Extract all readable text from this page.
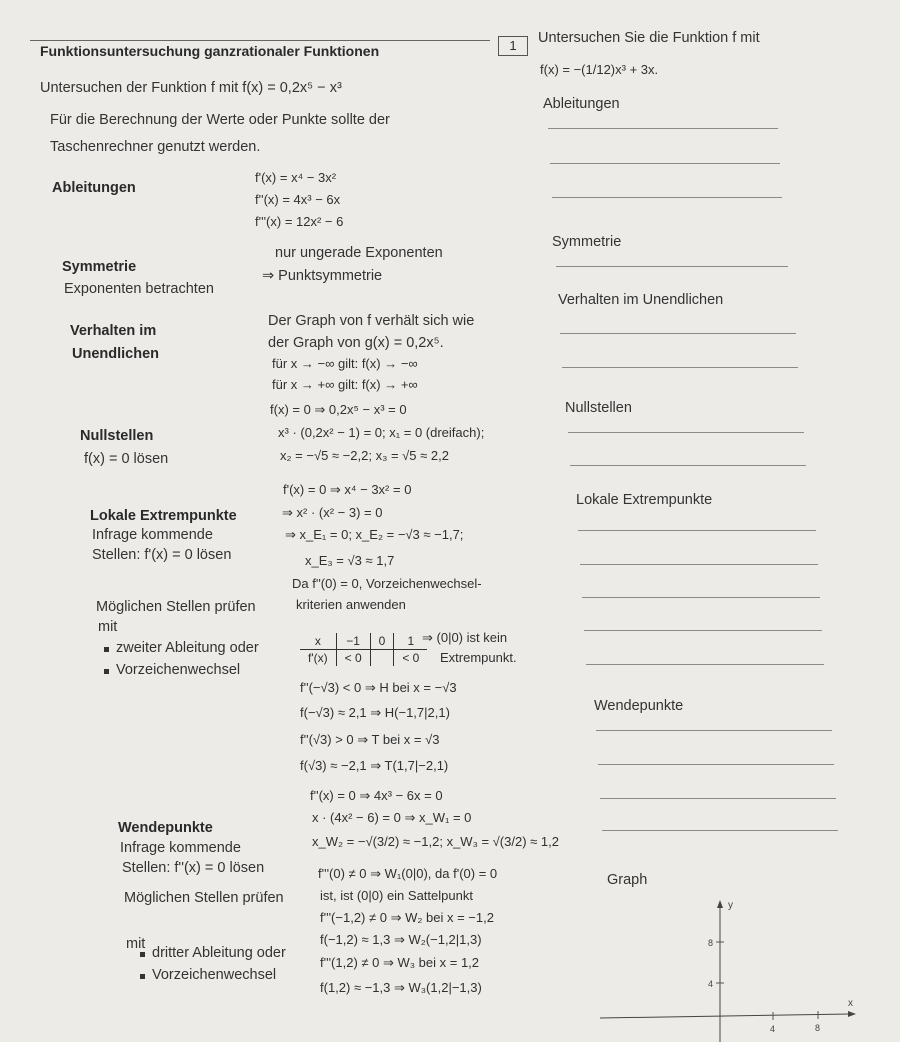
Funktionsuntersuchung ganzrationaler Funktionen
Untersuchen der Funktion f mit f(x) = 0,2x⁵ − x³
Für die Berechnung der Werte oder Punkte sollte der
Taschenrechner genutzt werden.
Ableitungen
f'(x) = x⁴ − 3x²
f''(x) = 4x³ − 6x
f'''(x) = 12x² − 6
nur ungerade Exponenten
Symmetrie
⇒ Punktsymmetrie
Exponenten betrachten
Der Graph von f verhält sich wie
Verhalten im
der Graph von g(x) = 0,2x⁵.
Unendlichen
für x → −∞ gilt: f(x) → −∞
für x → +∞ gilt: f(x) → +∞
f(x) = 0 ⇒ 0,2x⁵ − x³ = 0
Nullstellen	x³ · (0,2x² − 1) = 0; x₁ = 0 (dreifach);
x₂ = −√5 ≈ −2,2; x₃ = √5 ≈ 2,2
f(x) = 0 lösen
f'(x) = 0 ⇒ x⁴ − 3x² = 0
Lokale Extrempunkte	⇒ x² · (x² − 3) = 0
Infrage kommende	⇒ x_E₁ = 0; x_E₂ = −√3 ≈ −1,7;
Stellen: f'(x) = 0 lösen	x_E₃ = √3 ≈ 1,7
Da f''(0) = 0, Vorzeichenwechsel-
Möglichen Stellen prüfen	kriterien anwenden
mit
zweiter Ableitung oder
Vorzeichenwechsel
x	−1	0	1
f'(x)	< 0		< 0
⇒ (0|0) ist kein
Extrempunkt.
f''(−√3) < 0 ⇒ H bei x = −√3
f(−√3) ≈ 2,1 ⇒ H(−1,7|2,1)
f''(√3) > 0 ⇒ T bei x = √3
f(√3) ≈ −2,1 ⇒ T(1,7|−2,1)
f''(x) = 0 ⇒ 4x³ − 6x = 0
x · (4x² − 6) = 0 ⇒ x_W₁ = 0
Wendepunkte
x_W₂ = −√(3/2) ≈ −1,2; x_W₃ = √(3/2) ≈ 1,2
Infrage kommende
Stellen: f''(x) = 0 lösen	f'''(0) ≠ 0 ⇒ W₁(0|0), da f'(0) = 0
Möglichen Stellen prüfen	ist, ist (0|0) ein Sattelpunkt
mit
f'''(−1,2) ≠ 0 ⇒ W₂ bei x = −1,2
f(−1,2) ≈ 1,3 ⇒ W₂(−1,2|1,3)
dritter Ableitung oder
f'''(1,2) ≠ 0 ⇒ W₃ bei x = 1,2
Vorzeichenwechsel
f(1,2) ≈ −1,3 ⇒ W₃(1,2|−1,3)
1	Untersuchen Sie die Funktion f mit
f(x) = −(1/12)x³ + 3x.
Ableitungen
Symmetrie
Verhalten im Unendlichen
Nullstellen
Lokale Extrempunkte
Wendepunkte
Graph
y
x
8
4
4	8
